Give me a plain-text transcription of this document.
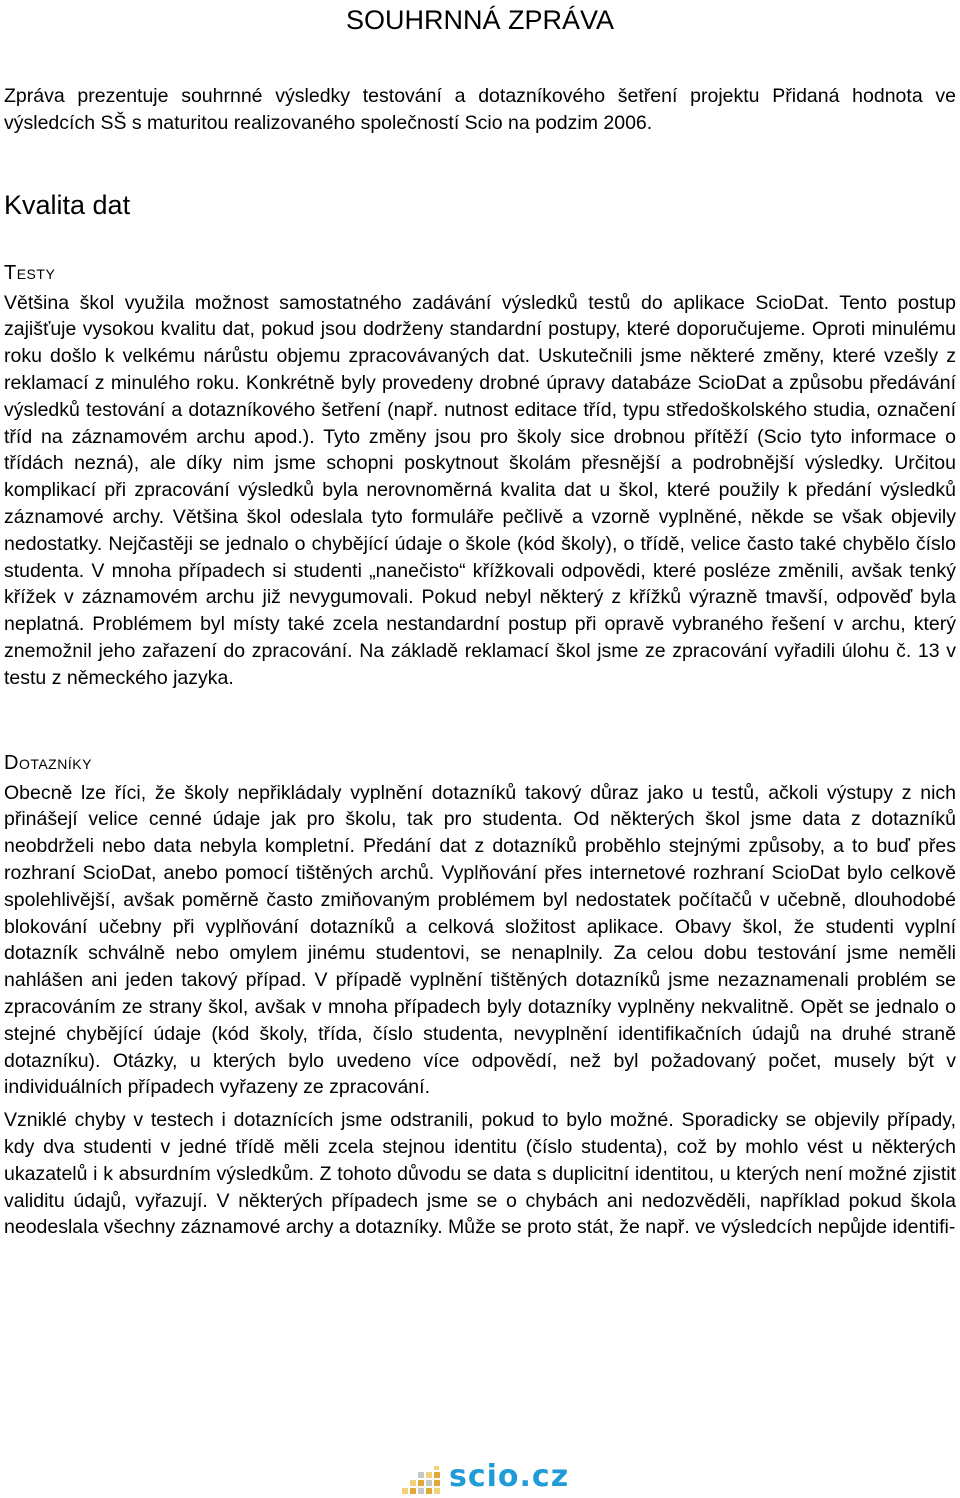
SOUHRNNÁ ZPRÁVA

Zpráva prezentuje souhrnné výsledky testování a dotazníkového šetření projektu Přidaná hodnota ve výsledcích SŠ s maturitou realizovaného společností Scio na podzim 2006.

Kvalita dat
Testy

Většina škol využila možnost samostatného zadávání výsledků testů do aplikace ScioDat. Tento postup zajišťuje vysokou kvalitu dat, pokud jsou dodrženy standardní postupy, které doporučujeme. Oproti minulému roku došlo k velkému nárůstu objemu zpracovávaných dat. Uskutečnili jsme některé změny, které vzešly z reklamací z minulého roku. Konkrétně byly provedeny drobné úpravy databáze ScioDat a způsobu předávání výsledků testování a dotazníkového šetření (např. nutnost editace tříd, typu středoškolského studia, označení tříd na záznamovém archu apod.). Tyto změny jsou pro školy sice drobnou přítěží (Scio tyto informace o třídách nezná), ale díky nim jsme schopni poskytnout školám přesnější a podrobnější výsledky. Určitou komplikací při zpracování výsledků byla nerovnoměrná kvalita dat u škol, které použily k předání výsledků záznamové archy. Většina škol odeslala tyto formuláře pečlivě a vzorně vyplněné, někde se však objevily nedostatky. Nejčastěji se jednalo o chybějící údaje o škole (kód školy), o třídě, velice často také chybělo číslo studenta. V mnoha případech si studenti „nanečisto“ křížkovali odpovědi, které posléze změnili, avšak tenký křížek v záznamovém archu již nevygumovali. Pokud nebyl některý z křížků výrazně tmavší, odpověď byla neplatná. Problémem byl místy také zcela nestandardní postup při opravě vybraného řešení v archu, který znemožnil jeho zařazení do zpracování. Na základě reklamací škol jsme ze zpracování vyřadili úlohu č. 13 v testu z německého jazyka.

Dotazníky

Obecně lze říci, že školy nepřikládaly vyplnění dotazníků takový důraz jako u testů, ačkoli výstupy z nich přinášejí velice cenné údaje jak pro školu, tak pro studenta. Od některých škol jsme data z dotazníků neobdrželi nebo data nebyla kompletní. Předání dat z dotazníků proběhlo stejnými způsoby, a to buď přes rozhraní ScioDat, anebo pomocí tištěných archů. Vyplňování přes internetové rozhraní ScioDat bylo celkově spolehlivější, avšak poměrně často zmiňovaným problémem byl nedostatek počítačů v učebně, dlouhodobé blokování učebny při vyplňování dotazníků a celková složitost aplikace. Obavy škol, že studenti vyplní dotazník schválně nebo omylem jinému studentovi, se nenaplnily. Za celou dobu testování jsme neměli nahlášen ani jeden takový případ. V případě vyplnění tištěných dotazníků jsme nezaznamenali problém se zpracováním ze strany škol, avšak v mnoha případech byly dotazníky vyplněny nekvalitně. Opět se jednalo o stejné chybějící údaje (kód školy, třída, číslo studenta, nevyplnění identifikačních údajů na druhé straně dotazníku). Otázky, u kterých bylo uvedeno více odpovědí, než byl požadovaný počet, musely být v individuálních případech vyřazeny ze zpracování.

Vzniklé chyby v testech i dotaznících jsme odstranili, pokud to bylo možné. Sporadicky se objevily případy, kdy dva studenti v jedné třídě měli zcela stejnou identitu (číslo studenta), což by mohlo vést u některých ukazatelů i k absurdním výsledkům. Z tohoto důvodu se data s duplicitní identitou, u kterých není možné zjistit validitu údajů, vyřazují. V některých případech jsme se o chybách ani nedozvěděli, například pokud škola neodeslala všechny záznamové archy a dotazníky. Může se proto stát, že např. ve výsledcích nepůjde identifi-

scio.cz
